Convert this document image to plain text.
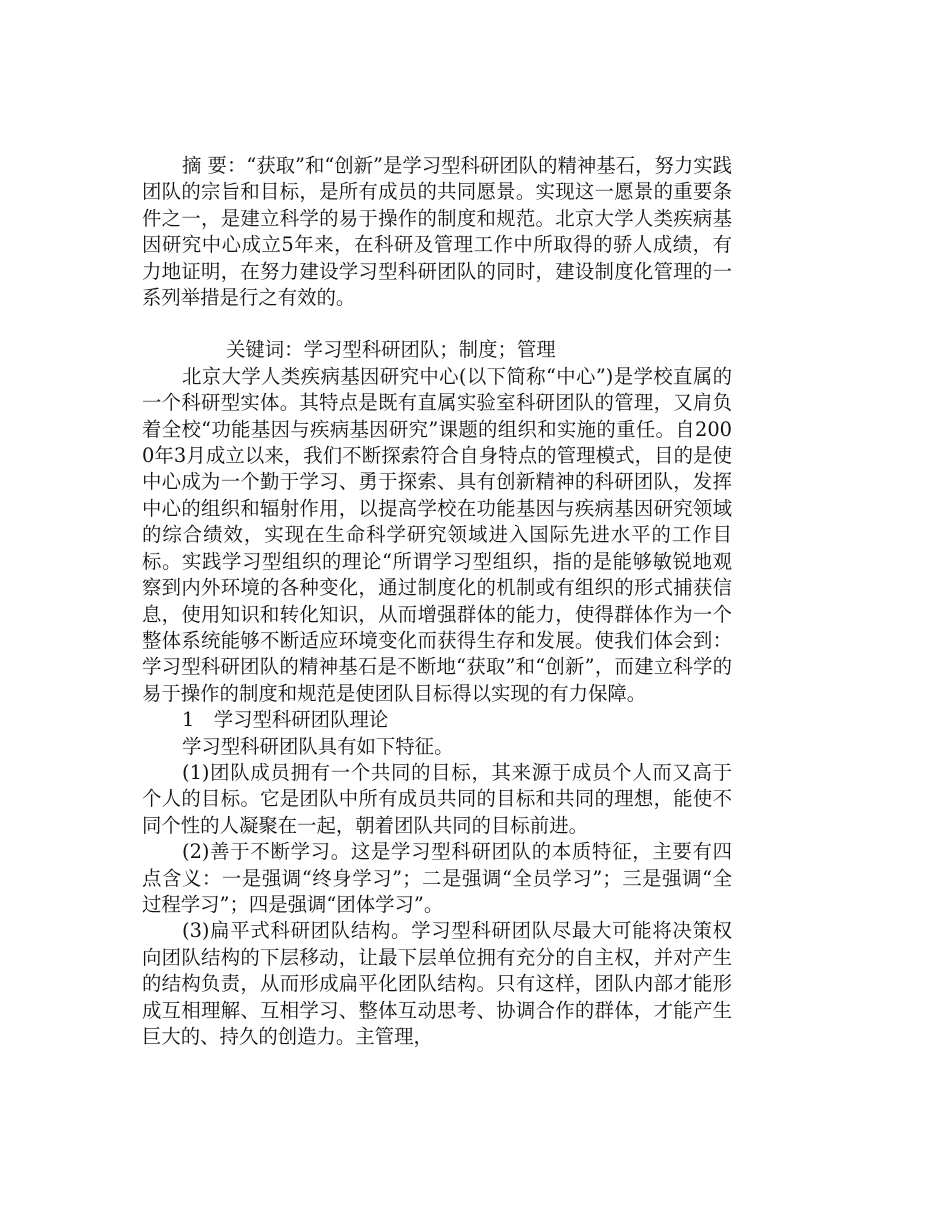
摘 要：“获取”和“创新”是学习型科研团队的精神基石，努力实践团队的宗旨和目标，是所有成员的共同愿景。实现这一愿景的重要条件之一，是建立科学的易于操作的制度和规范。北京大学人类疾病基因研究中心成立5年来，在科研及管理工作中所取得的骄人成绩，有力地证明，在努力建设学习型科研团队的同时，建设制度化管理的一系列举措是行之有效的。

关键词：学习型科研团队；制度；管理

北京大学人类疾病基因研究中心(以下简称“中心”)是学校直属的一个科研型实体。其特点是既有直属实验室科研团队的管理，又肩负着全校“功能基因与疾病基因研究”课题的组织和实施的重任。自2000年3月成立以来，我们不断探索符合自身特点的管理模式，目的是使中心成为一个勤于学习、勇于探索、具有创新精神的科研团队，发挥中心的组织和辐射作用，以提高学校在功能基因与疾病基因研究领域的综合绩效，实现在生命科学研究领域进入国际先进水平的工作目标。实践学习型组织的理论“所谓学习型组织，指的是能够敏锐地观察到内外环境的各种变化，通过制度化的机制或有组织的形式捕获信息，使用知识和转化知识，从而增强群体的能力，使得群体作为一个整体系统能够不断适应环境变化而获得生存和发展。使我们体会到：学习型科研团队的精神基石是不断地“获取”和“创新”，而建立科学的易于操作的制度和规范是使团队目标得以实现的有力保障。

1　学习型科研团队理论

学习型科研团队具有如下特征。

(1)团队成员拥有一个共同的目标，其来源于成员个人而又高于个人的目标。它是团队中所有成员共同的目标和共同的理想，能使不同个性的人凝聚在一起，朝着团队共同的目标前进。

(2)善于不断学习。这是学习型科研团队的本质特征，主要有四点含义：一是强调“终身学习”；二是强调“全员学习”；三是强调“全过程学习”；四是强调“团体学习”。

(3)扁平式科研团队结构。学习型科研团队尽最大可能将决策权向团队结构的下层移动，让最下层单位拥有充分的自主权，并对产生的结构负责，从而形成扁平化团队结构。只有这样，团队内部才能形成互相理解、互相学习、整体互动思考、协调合作的群体，才能产生巨大的、持久的创造力。主管理，
